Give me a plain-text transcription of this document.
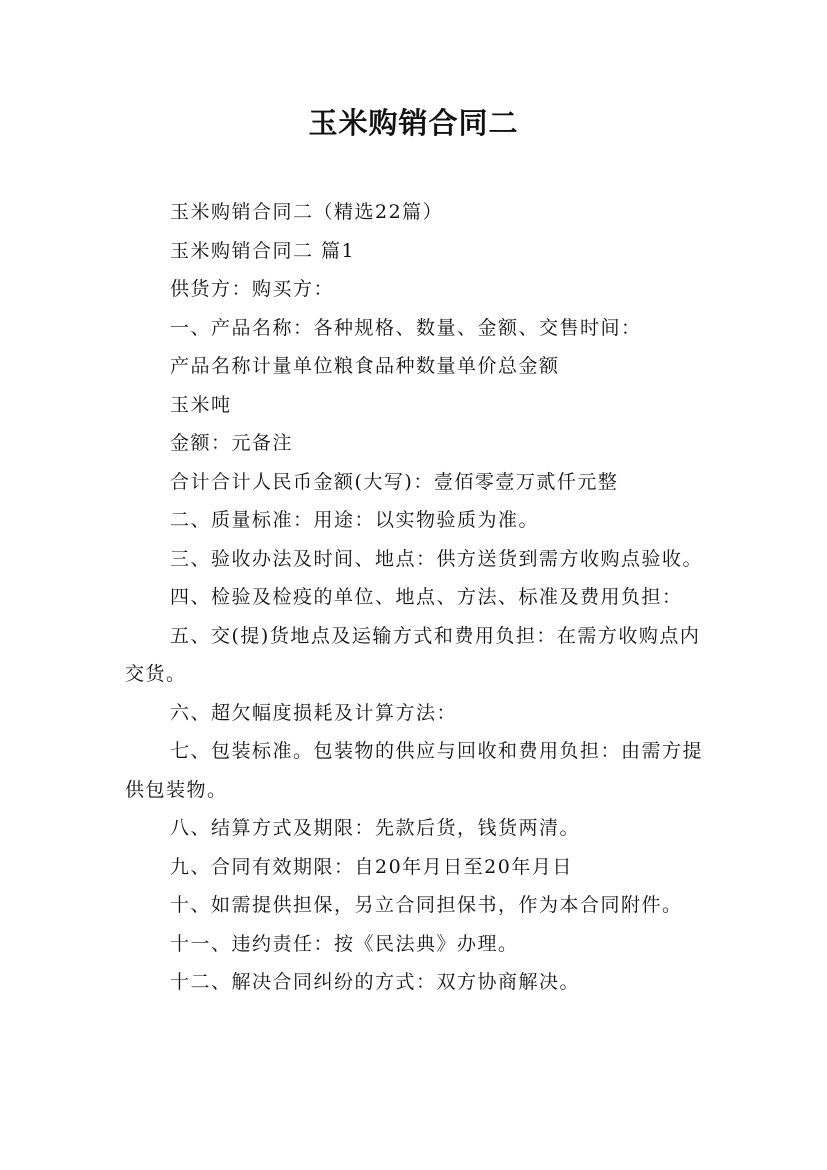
玉米购销合同二

玉米购销合同二（精选22篇）

玉米购销合同二 篇1

供货方：购买方：

一、产品名称：各种规格、数量、金额、交售时间：

产品名称计量单位粮食品种数量单价总金额

玉米吨

金额：元备注

合计合计人民币金额(大写)：壹佰零壹万贰仟元整

二、质量标准：用途：以实物验质为准。

三、验收办法及时间、地点：供方送货到需方收购点验收。

四、检验及检疫的单位、地点、方法、标准及费用负担：

五、交(提)货地点及运输方式和费用负担：在需方收购点内交货。

六、超欠幅度损耗及计算方法：

七、包装标准。包装物的供应与回收和费用负担：由需方提供包装物。

八、结算方式及期限：先款后货，钱货两清。

九、合同有效期限：自20年月日至20年月日

十、如需提供担保，另立合同担保书，作为本合同附件。

十一、违约责任：按《民法典》办理。

十二、解决合同纠纷的方式：双方协商解决。
